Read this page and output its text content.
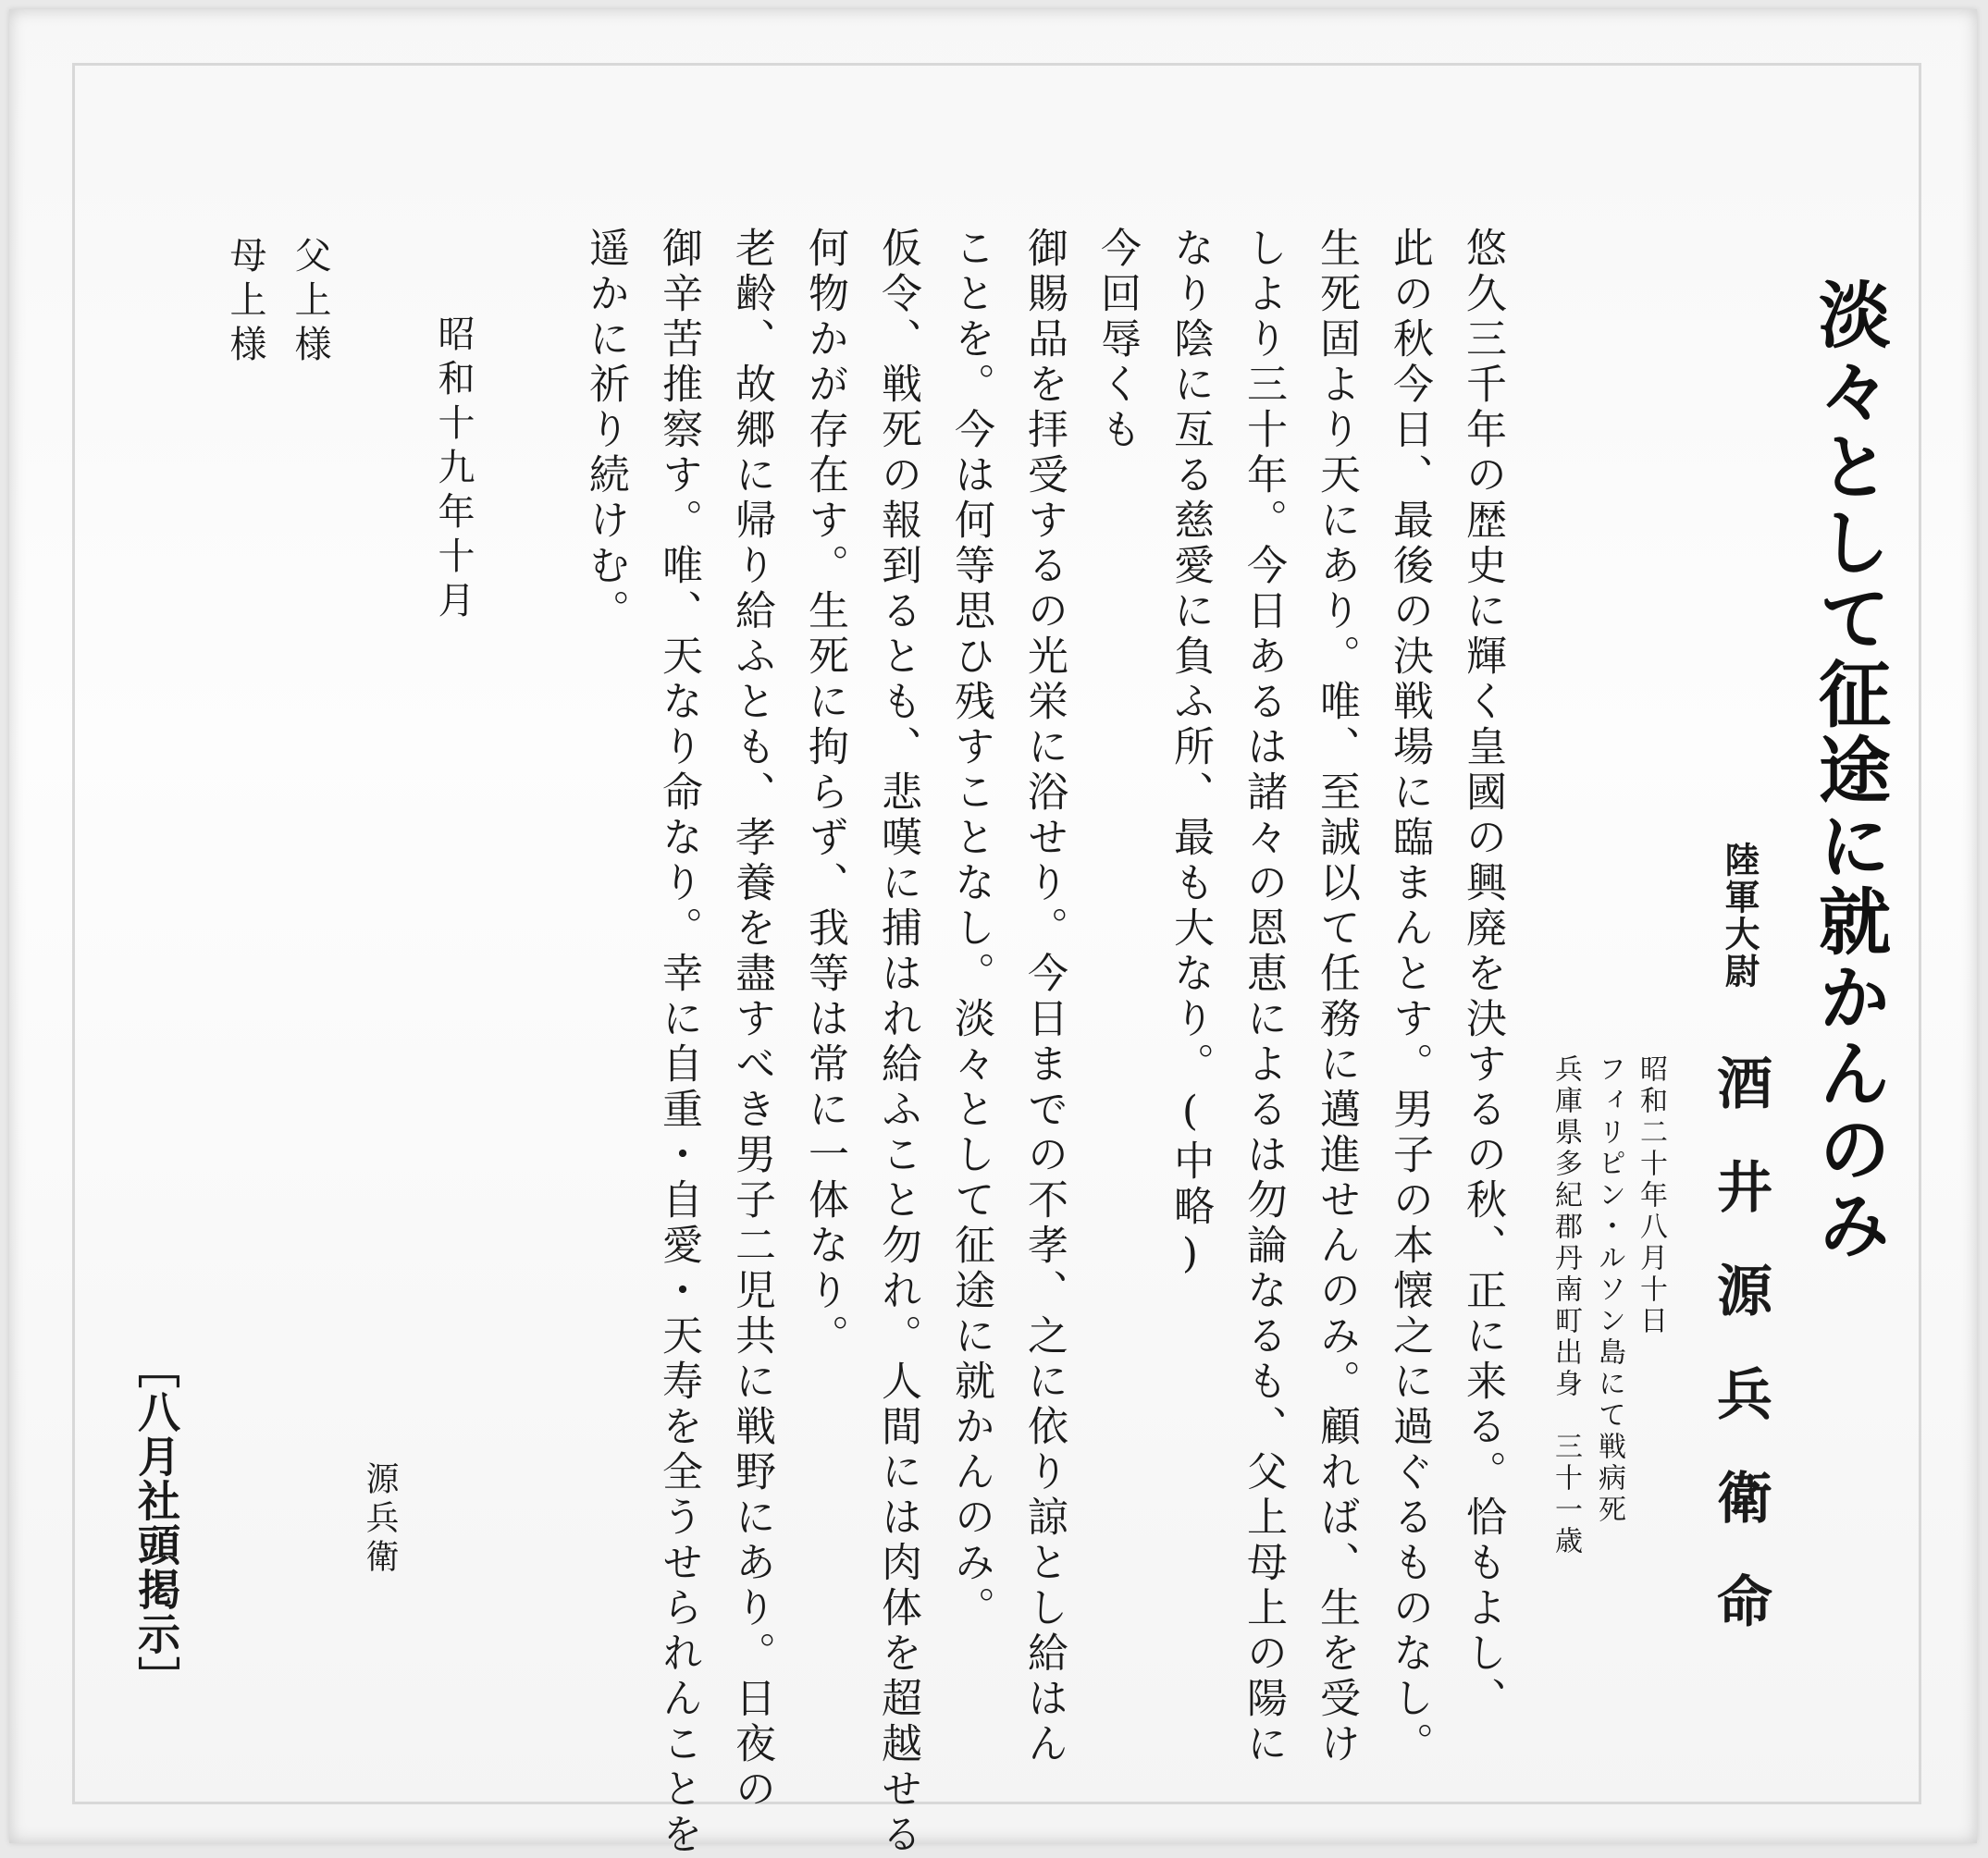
淡々として征途に就かんのみ
陸軍大尉
酒井源兵衛命
昭和二十年八月十日
フィリピン・ルソン島にて戦病死
兵庫県多紀郡丹南町出身　三十一歳
悠久三千年の歴史に輝く皇國の興廃を決するの秋、正に来る。恰もよし、
此の秋今日、最後の決戦場に臨まんとす。男子の本懐之に過ぐるものなし。
生死固より天にあり。唯、至誠以て任務に邁進せんのみ。顧れば、生を受け
しより三十年。今日あるは諸々の恩恵によるは勿論なるも、父上母上の陽に
なり陰に亙る慈愛に負ふ所、最も大なり。(中略)
今回辱くも
御賜品を拝受するの光栄に浴せり。今日までの不孝、之に依り諒とし給はん
ことを。今は何等思ひ残すことなし。淡々として征途に就かんのみ。
仮令、戦死の報到るとも、悲嘆に捕はれ給ふこと勿れ。人間には肉体を超越せる
何物かが存在す。生死に拘らず、我等は常に一体なり。
老齢、故郷に帰り給ふとも、孝養を盡すべき男子二児共に戦野にあり。日夜の
御辛苦推察す。唯、天なり命なり。幸に自重・自愛・天寿を全うせられんことを
遥かに祈り続けむ。
昭和十九年十月
源兵衛
父上様
母上様
［八月社頭掲示］
